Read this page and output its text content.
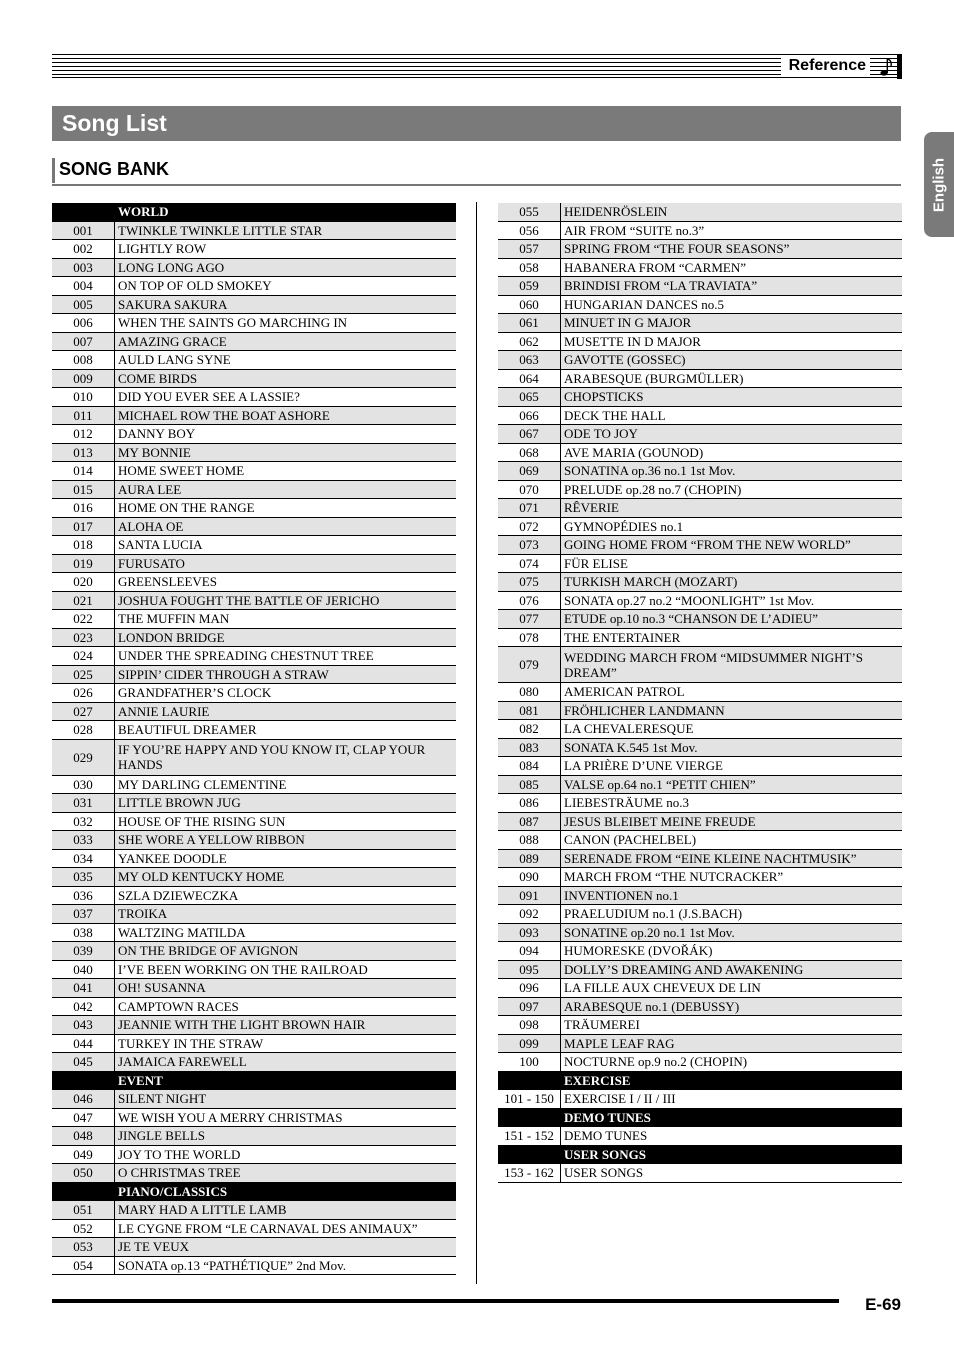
Reference
Song List
SONG BANK	English
	WORLD
001	TWINKLE TWINKLE LITTLE STAR
002	LIGHTLY ROW
003	LONG LONG AGO
004	ON TOP OF OLD SMOKEY
005	SAKURA SAKURA
006	WHEN THE SAINTS GO MARCHING IN
007	AMAZING GRACE
008	AULD LANG SYNE
009	COME BIRDS
010	DID YOU EVER SEE A LASSIE?
011	MICHAEL ROW THE BOAT ASHORE
012	DANNY BOY
013	MY BONNIE
014	HOME SWEET HOME
015	AURA LEE
016	HOME ON THE RANGE
017	ALOHA OE
018	SANTA LUCIA
019	FURUSATO
020	GREENSLEEVES
021	JOSHUA FOUGHT THE BATTLE OF JERICHO
022	THE MUFFIN MAN
023	LONDON BRIDGE
024	UNDER THE SPREADING CHESTNUT TREE
025	SIPPIN’ CIDER THROUGH A STRAW
026	GRANDFATHER’S CLOCK
027	ANNIE LAURIE
028	BEAUTIFUL DREAMER
029	IF YOU’RE HAPPY AND YOU KNOW IT, CLAP YOUR HANDS
030	MY DARLING CLEMENTINE
031	LITTLE BROWN JUG
032	HOUSE OF THE RISING SUN
033	SHE WORE A YELLOW RIBBON
034	YANKEE DOODLE
035	MY OLD KENTUCKY HOME
036	SZLA DZIEWECZKA
037	TROIKA
038	WALTZING MATILDA
039	ON THE BRIDGE OF AVIGNON
040	I’VE BEEN WORKING ON THE RAILROAD
041	OH! SUSANNA
042	CAMPTOWN RACES
043	JEANNIE WITH THE LIGHT BROWN HAIR
044	TURKEY IN THE STRAW
045	JAMAICA FAREWELL
	EVENT
046	SILENT NIGHT
047	WE WISH YOU A MERRY CHRISTMAS
048	JINGLE BELLS
049	JOY TO THE WORLD
050	O CHRISTMAS TREE
	PIANO/CLASSICS
051	MARY HAD A LITTLE LAMB
052	LE CYGNE FROM “LE CARNAVAL DES ANIMAUX”
053	JE TE VEUX
054	SONATA op.13 “PATHÉTIQUE” 2nd Mov.
055	HEIDENRÖSLEIN
056	AIR FROM “SUITE no.3”
057	SPRING FROM “THE FOUR SEASONS”
058	HABANERA FROM “CARMEN”
059	BRINDISI FROM “LA TRAVIATA”
060	HUNGARIAN DANCES no.5
061	MINUET IN G MAJOR
062	MUSETTE IN D MAJOR
063	GAVOTTE (GOSSEC)
064	ARABESQUE (BURGMÜLLER)
065	CHOPSTICKS
066	DECK THE HALL
067	ODE TO JOY
068	AVE MARIA (GOUNOD)
069	SONATINA op.36 no.1 1st Mov.
070	PRELUDE op.28 no.7 (CHOPIN)
071	RÊVERIE
072	GYMNOPÉDIES no.1
073	GOING HOME FROM “FROM THE NEW WORLD”
074	FÜR ELISE
075	TURKISH MARCH (MOZART)
076	SONATA op.27 no.2 “MOONLIGHT” 1st Mov.
077	ETUDE op.10 no.3 “CHANSON DE L’ADIEU”
078	THE ENTERTAINER
079	WEDDING MARCH FROM “MIDSUMMER NIGHT’S DREAM”
080	AMERICAN PATROL
081	FRÖHLICHER LANDMANN
082	LA CHEVALERESQUE
083	SONATA K.545 1st Mov.
084	LA PRIÈRE D’UNE VIERGE
085	VALSE op.64 no.1 “PETIT CHIEN”
086	LIEBESTRÄUME no.3
087	JESUS BLEIBET MEINE FREUDE
088	CANON (PACHELBEL)
089	SERENADE FROM “EINE KLEINE NACHTMUSIK”
090	MARCH FROM “THE NUTCRACKER”
091	INVENTIONEN no.1
092	PRAELUDIUM no.1 (J.S.BACH)
093	SONATINE op.20 no.1 1st Mov.
094	HUMORESKE (DVOŘÁK)
095	DOLLY’S DREAMING AND AWAKENING
096	LA FILLE AUX CHEVEUX DE LIN
097	ARABESQUE no.1 (DEBUSSY)
098	TRÄUMEREI
099	MAPLE LEAF RAG
100	NOCTURNE op.9 no.2 (CHOPIN)
	EXERCISE
101 - 150	EXERCISE I / II / III
	DEMO TUNES
151 - 152	DEMO TUNES
	USER SONGS
153 - 162	USER SONGS
E-69
